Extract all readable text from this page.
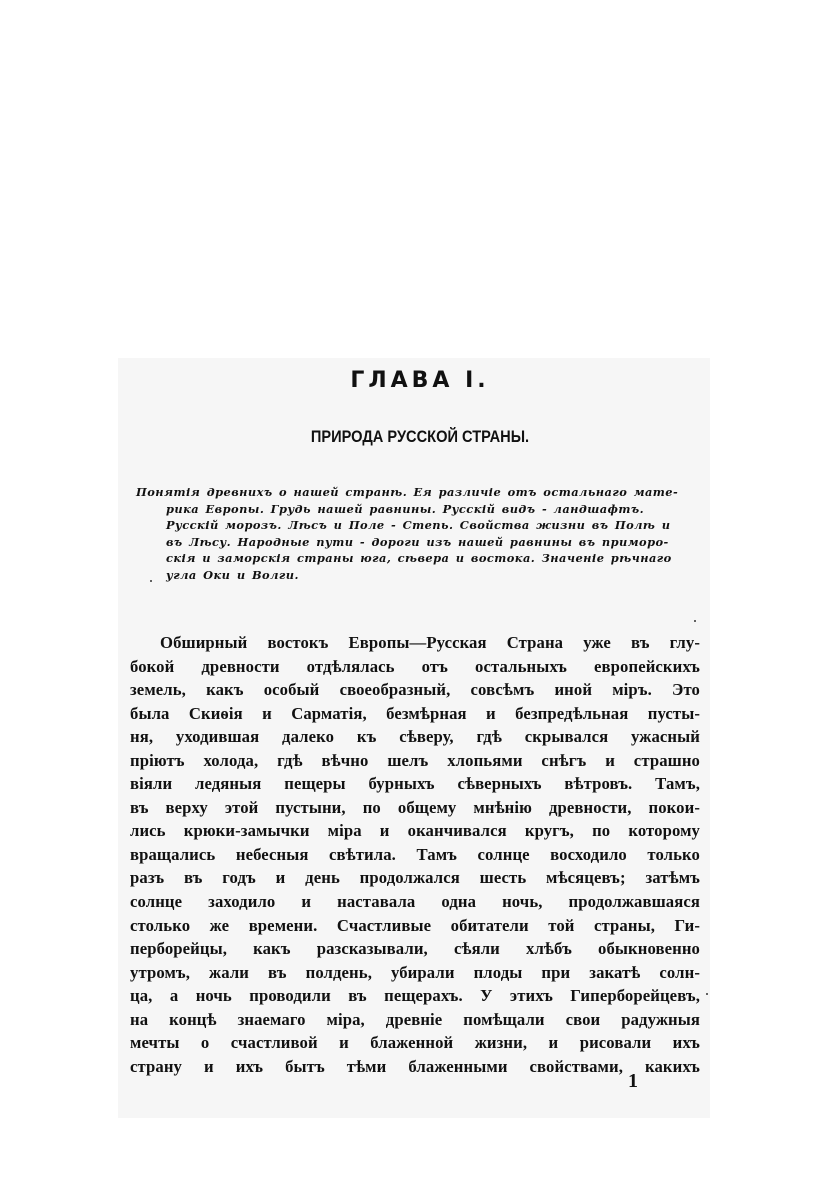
ГЛАВА I.
ПРИРОДА РУССКОЙ СТРАНЫ.
Понятія древнихъ о нашей странѣ. Ея различіе отъ остальнаго мате-
рика Европы. Грудь нашей равнины. Русскій видъ - ландшафтъ.
Русскій морозъ. Лѣсъ и Поле - Степь. Свойства жизни въ Полѣ и
въ Лѣсу. Народные пути - дороги изъ нашей равнины въ приморо-
скія и заморскія страны юга, сѣвера и востока. Значеніе рѣчнаго
угла Оки и Волги.
Обширный востокъ Европы—Русская Страна уже въ глу-
бокой древности отдѣлялась отъ остальныхъ европейскихъ
земель, какъ особый своеобразный, совсѣмъ иной міръ. Это
была Скиѳія и Сарматія, безмѣрная и безпредѣльная пусты-
ня, уходившая далеко къ сѣверу, гдѣ скрывался ужасный
пріютъ холода, гдѣ вѣчно шелъ хлопьями снѣгъ и страшно
віяли ледяныя пещеры бурныхъ сѣверныхъ вѣтровъ. Тамъ,
въ верху этой пустыни, по общему мнѣнію древности, покои-
лись крюки-замычки міра и оканчивался кругъ, по которому
вращались небесныя свѣтила. Тамъ солнце восходило только
разъ въ годъ и день продолжался шесть мѣсяцевъ; затѣмъ
солнце заходило и наставала одна ночь, продолжавшаяся
столько же времени. Счастливые обитатели той страны, Ги-
перборейцы, какъ разсказывали, сѣяли хлѣбъ обыкновенно
утромъ, жали въ полдень, убирали плоды при закатѣ солн-
ца, а ночь проводили въ пещерахъ. У этихъ Гиперборейцевъ,
на концѣ знаемаго міра, древніе помѣщали свои радужныя
мечты о счастливой и блаженной жизни, и рисовали ихъ
страну и ихъ бытъ тѣми блаженными свойствами, какихъ
1
